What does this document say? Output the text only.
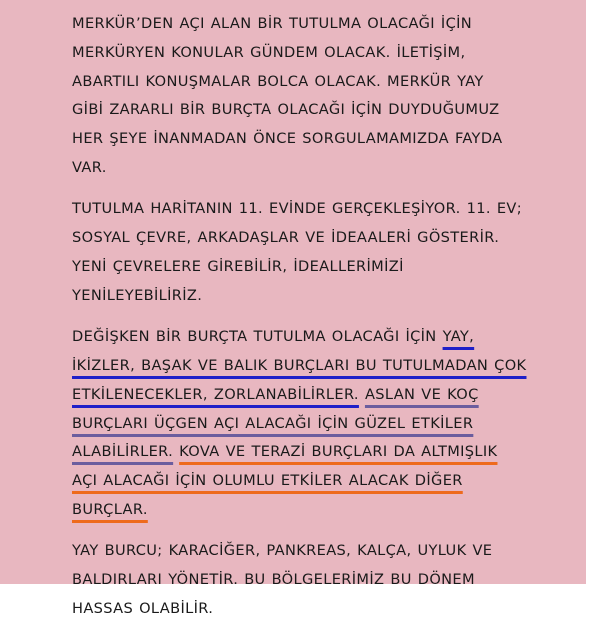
MERKÜR’DEN AÇI ALAN BİR TUTULMA OLACAĞI İÇİN
MERKÜRYEN KONULAR GÜNDEM OLACAK. İLETİŞİM,
ABARTILI KONUŞMALAR BOLCA OLACAK. MERKÜR YAY
GİBİ ZARARLI BİR BURÇTA OLACAĞI İÇİN DUYDUĞUMUZ
HER ŞEYE İNANMADAN ÖNCE SORGULAMAMIZDA FAYDA
VAR.

TUTULMA HARİTANIN 11. EVİNDE GERÇEKLEŞİYOR. 11. EV;
SOSYAL ÇEVRE, ARKADAŞLAR VE İDEAALERİ GÖSTERİR.
YENİ ÇEVRELERE GİREBİLİR, İDEALLERİMİZİ
YENİLEYEBİLİRİZ.

DEĞİŞKEN BİR BURÇTA TUTULMA OLACAĞI İÇİN YAY,
İKİZLER, BAŞAK VE BALIK BURÇLARI BU TUTULMADAN ÇOK
ETKİLENECEKLER, ZORLANABİLİRLER. ASLAN VE KOÇ
BURÇLARI ÜÇGEN AÇI ALACAĞI İÇİN GÜZEL ETKİLER
ALABİLİRLER. KOVA VE TERAZİ BURÇLARI DA ALTMIŞLIK
AÇI ALACAĞI İÇİN OLUMLU ETKİLER ALACAK DİĞER
BURÇLAR.

YAY BURCU; KARACİĞER, PANKREAS, KALÇA, UYLUK VE
BALDIRLARI YÖNETİR. BU BÖLGELERİMİZ BU DÖNEM
HASSAS OLABİLİR.
